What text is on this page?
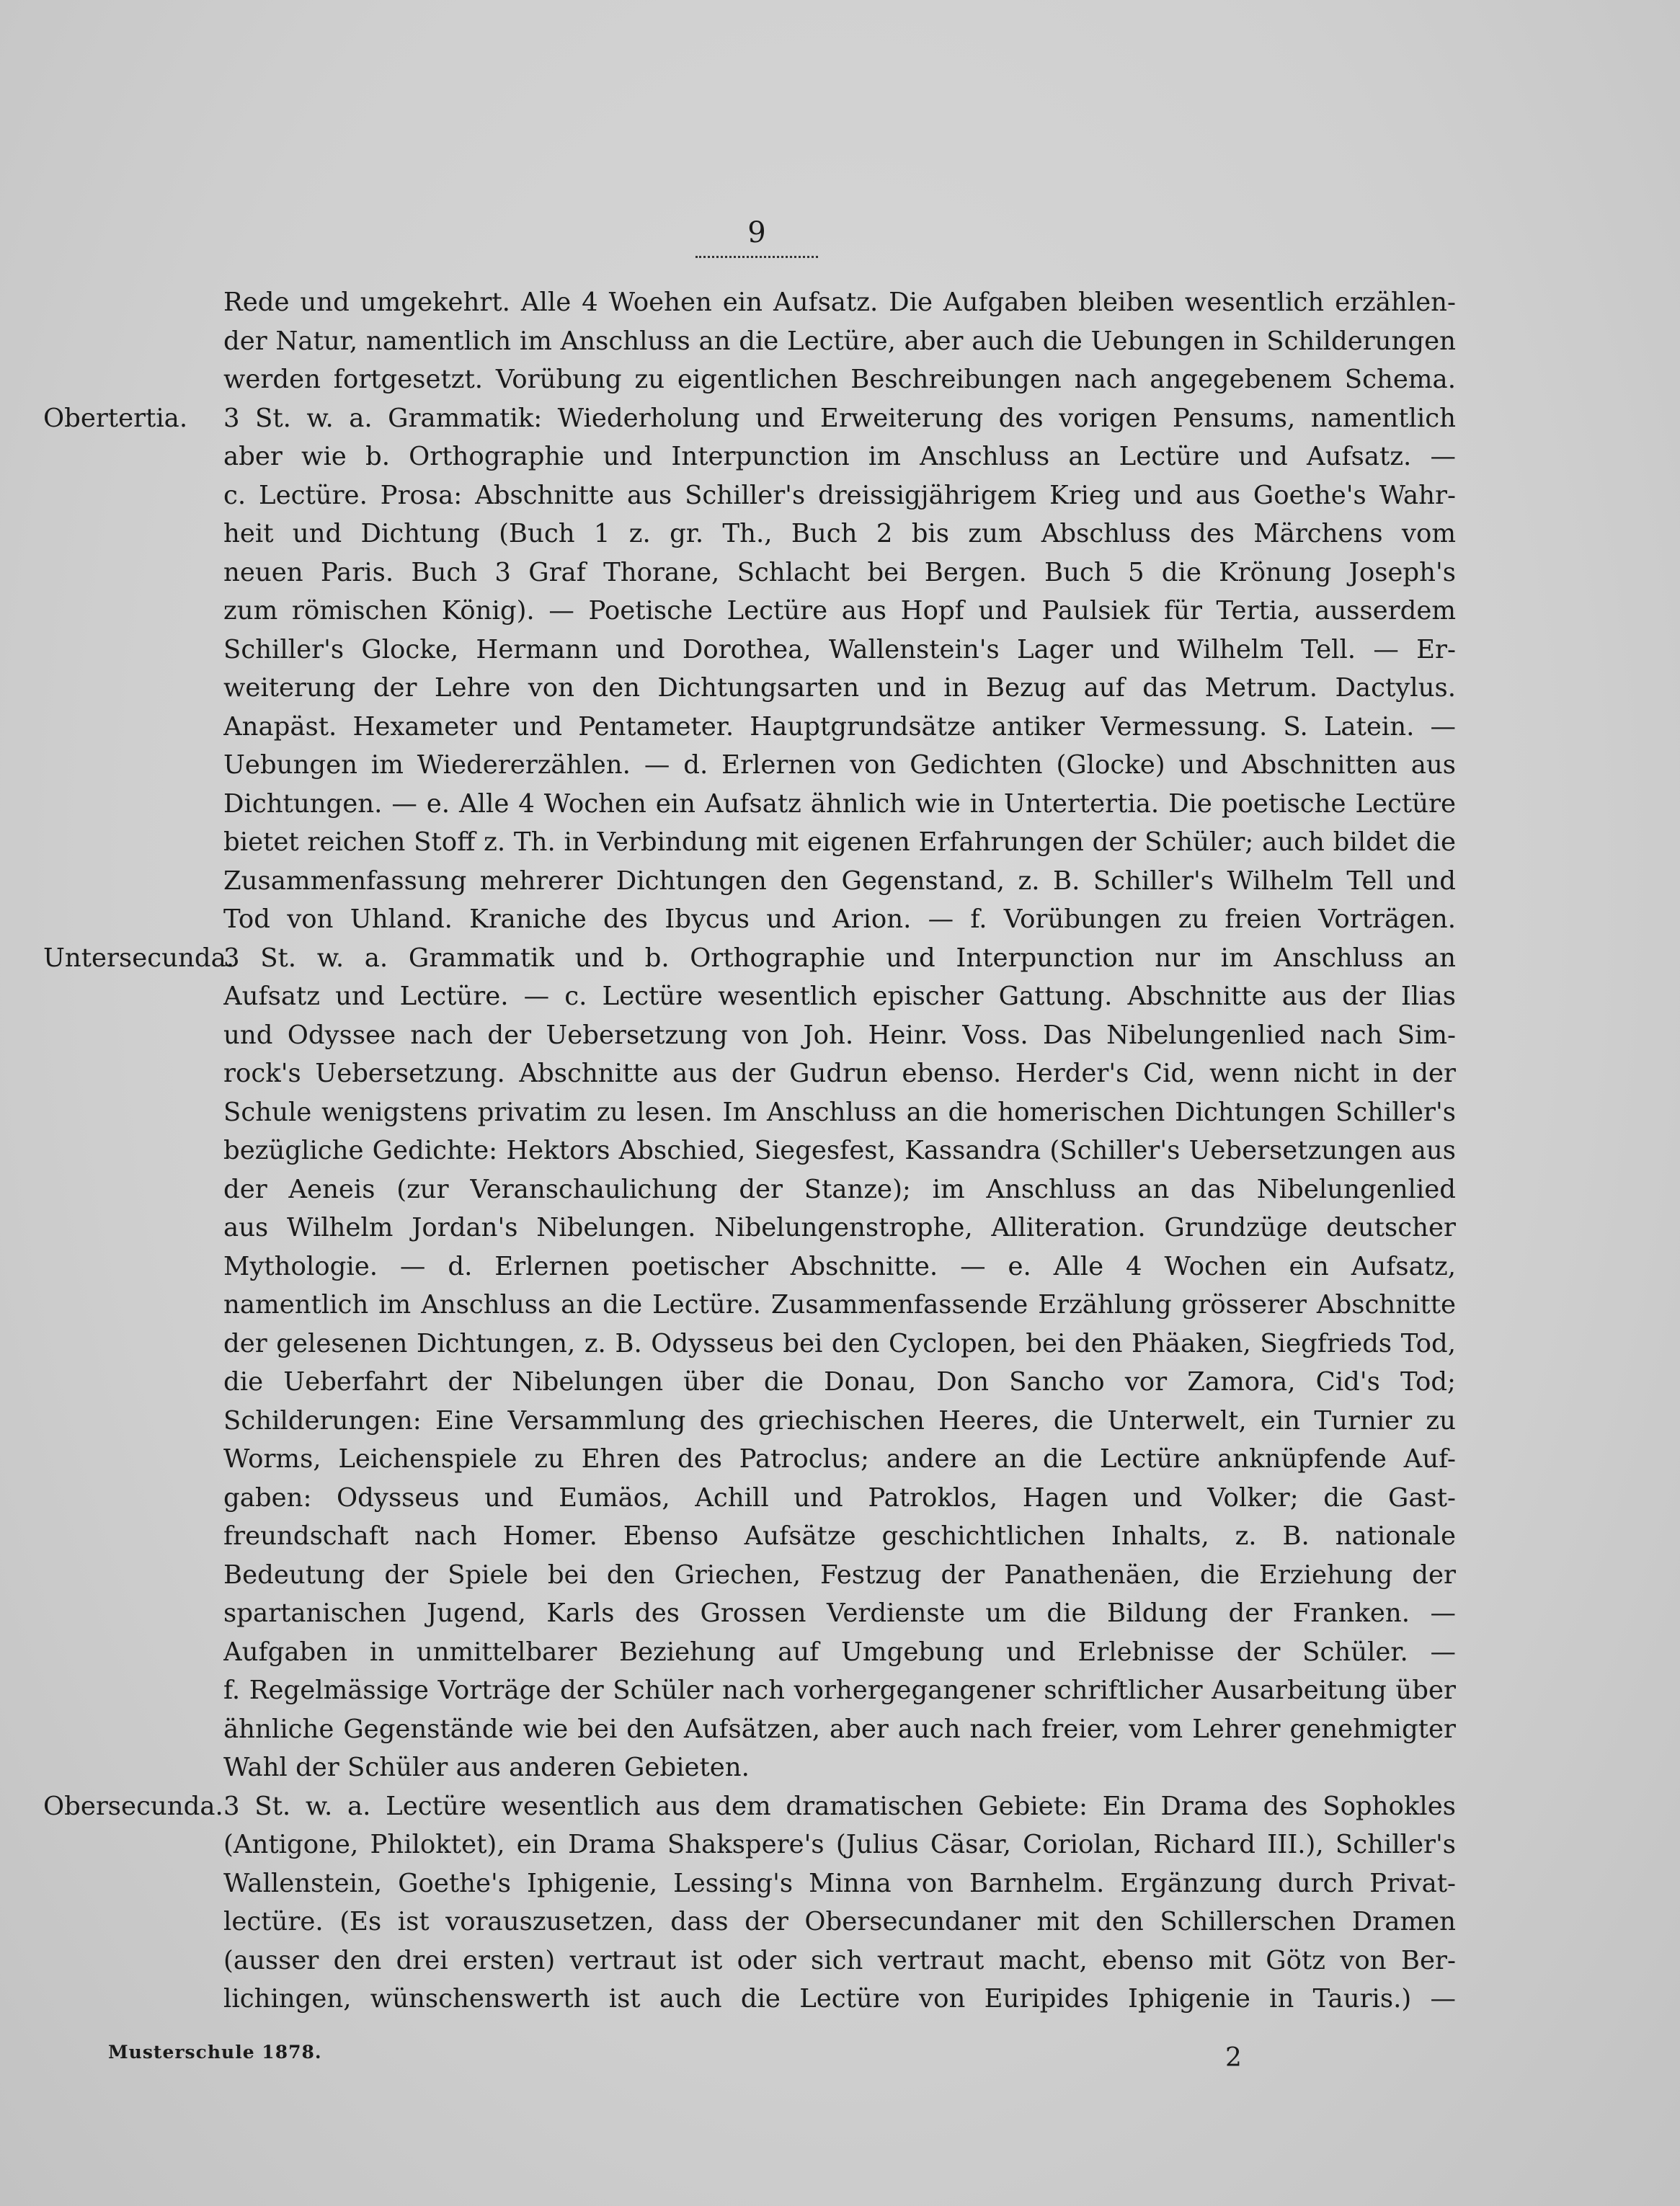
9
Rede und umgekehrt. Alle 4 Woehen ein Aufsatz. Die Aufgaben bleiben wesentlich erzählen-
der Natur, namentlich im Anschluss an die Lectüre, aber auch die Uebungen in Schilderungen
werden fortgesetzt. Vorübung zu eigentlichen Beschreibungen nach angegebenem Schema.
Obertertia. 3 St. w. a. Grammatik: Wiederholung und Erweiterung des vorigen Pensums, namentlich
aber wie b. Orthographie und Interpunction im Anschluss an Lectüre und Aufsatz. —
c. Lectüre. Prosa: Abschnitte aus Schiller's dreissigjährigem Krieg und aus Goethe's Wahr-
heit und Dichtung (Buch 1 z. gr. Th., Buch 2 bis zum Abschluss des Märchens vom
neuen Paris. Buch 3 Graf Thorane, Schlacht bei Bergen. Buch 5 die Krönung Joseph's
zum römischen König). — Poetische Lectüre aus Hopf und Paulsiek für Tertia, ausserdem
Schiller's Glocke, Hermann und Dorothea, Wallenstein's Lager und Wilhelm Tell. — Er-
weiterung der Lehre von den Dichtungsarten und in Bezug auf das Metrum. Dactylus.
Anapäst. Hexameter und Pentameter. Hauptgrundsätze antiker Vermessung. S. Latein. —
Uebungen im Wiedererzählen. — d. Erlernen von Gedichten (Glocke) und Abschnitten aus
Dichtungen. — e. Alle 4 Wochen ein Aufsatz ähnlich wie in Untertertia. Die poetische Lectüre
bietet reichen Stoff z. Th. in Verbindung mit eigenen Erfahrungen der Schüler; auch bildet die
Zusammenfassung mehrerer Dichtungen den Gegenstand, z. B. Schiller's Wilhelm Tell und
Tod von Uhland. Kraniche des Ibycus und Arion. — f. Vorübungen zu freien Vorträgen.
Untersecunda.
3 St. w. a. Grammatik und b. Orthographie und Interpunction nur im Anschluss an
Aufsatz und Lectüre. — c. Lectüre wesentlich epischer Gattung. Abschnitte aus der Ilias
und Odyssee nach der Uebersetzung von Joh. Heinr. Voss. Das Nibelungenlied nach Sim-
rock's Uebersetzung. Abschnitte aus der Gudrun ebenso. Herder's Cid, wenn nicht in der
Schule wenigstens privatim zu lesen. Im Anschluss an die homerischen Dichtungen Schiller's
bezügliche Gedichte: Hektors Abschied, Siegesfest, Kassandra (Schiller's Uebersetzungen aus
der Aeneis (zur Veranschaulichung der Stanze); im Anschluss an das Nibelungenlied
aus Wilhelm Jordan's Nibelungen. Nibelungenstrophe, Alliteration. Grundzüge deutscher
Mythologie. — d. Erlernen poetischer Abschnitte. — e. Alle 4 Wochen ein Aufsatz,
namentlich im Anschluss an die Lectüre. Zusammenfassende Erzählung grösserer Abschnitte
der gelesenen Dichtungen, z. B. Odysseus bei den Cyclopen, bei den Phäaken, Siegfrieds Tod,
die Ueberfahrt der Nibelungen über die Donau, Don Sancho vor Zamora, Cid's Tod;
Schilderungen: Eine Versammlung des griechischen Heeres, die Unterwelt, ein Turnier zu
Worms, Leichenspiele zu Ehren des Patroclus; andere an die Lectüre anknüpfende Auf-
gaben: Odysseus und Eumäos, Achill und Patroklos, Hagen und Volker; die Gast-
freundschaft nach Homer. Ebenso Aufsätze geschichtlichen Inhalts, z. B. nationale
Bedeutung der Spiele bei den Griechen, Festzug der Panathenäen, die Erziehung der
spartanischen Jugend, Karls des Grossen Verdienste um die Bildung der Franken. —
Aufgaben in unmittelbarer Beziehung auf Umgebung und Erlebnisse der Schüler. —
f. Regelmässige Vorträge der Schüler nach vorhergegangener schriftlicher Ausarbeitung über
ähnliche Gegenstände wie bei den Aufsätzen, aber auch nach freier, vom Lehrer genehmigter
Wahl der Schüler aus anderen Gebieten.
Obersecunda. 3 St. w. a. Lectüre wesentlich aus dem dramatischen Gebiete: Ein Drama des Sophokles
(Antigone, Philoktet), ein Drama Shakspere's (Julius Cäsar, Coriolan, Richard III.), Schiller's
Wallenstein, Goethe's Iphigenie, Lessing's Minna von Barnhelm. Ergänzung durch Privat-
lectüre. (Es ist vorauszusetzen, dass der Obersecundaner mit den Schillerschen Dramen
(ausser den drei ersten) vertraut ist oder sich vertraut macht, ebenso mit Götz von Ber-
lichingen, wünschenswerth ist auch die Lectüre von Euripides Iphigenie in Tauris.) —
Musterschule 1878.	2
